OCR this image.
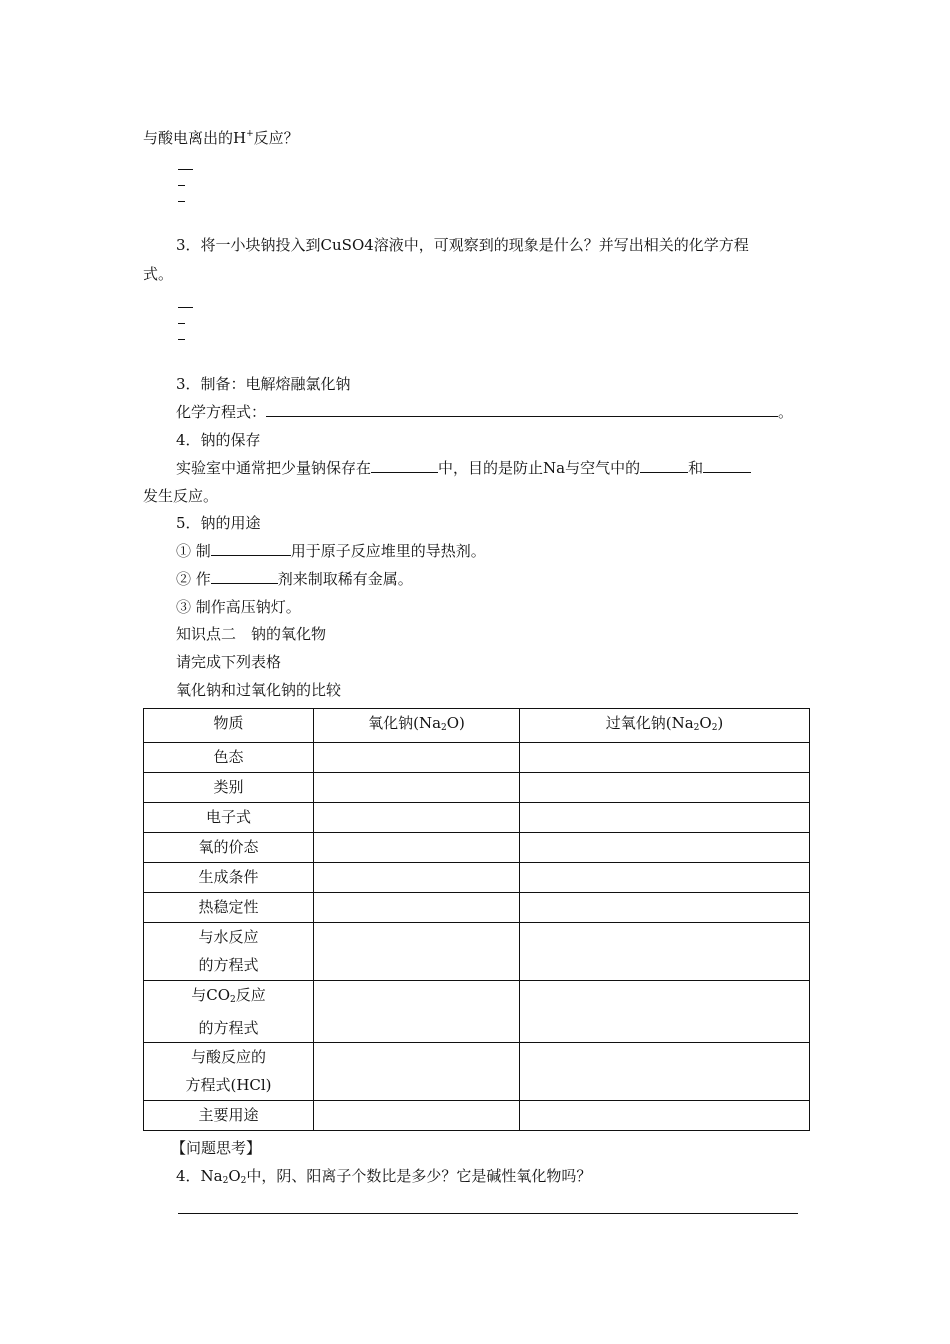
与酸电离出的H+反应？
3．将一小块钠投入到CuSO4溶液中，可观察到的现象是什么？并写出相关的化学方程
式。
3．制备：电解熔融氯化钠
化学方程式：	。
4．钠的保存
实验室中通常把少量钠保存在	中，目的是防止Na与空气中的	和
发生反应。
5．钠的用途
① 制	用于原子反应堆里的导热剂。
② 作	剂来制取稀有金属。
③ 制作高压钠灯。
知识点二　钠的氧化物
请完成下列表格
氧化钠和过氧化钠的比较
物质	氧化钠$(Na_2O)$	过氧化钠$(Na_2O_2)$
色态		
类别		
电子式		
氧的价态		
生成条件		
热稳定性		

与水反应
的方程式		

与$CO_2$反应
的方程式		

与酸反应的
方程式(HCl)		

主要用途		
【问题思考】
4．$Na_2O_2$中，阴、阳离子个数比是多少？它是碱性氧化物吗？
